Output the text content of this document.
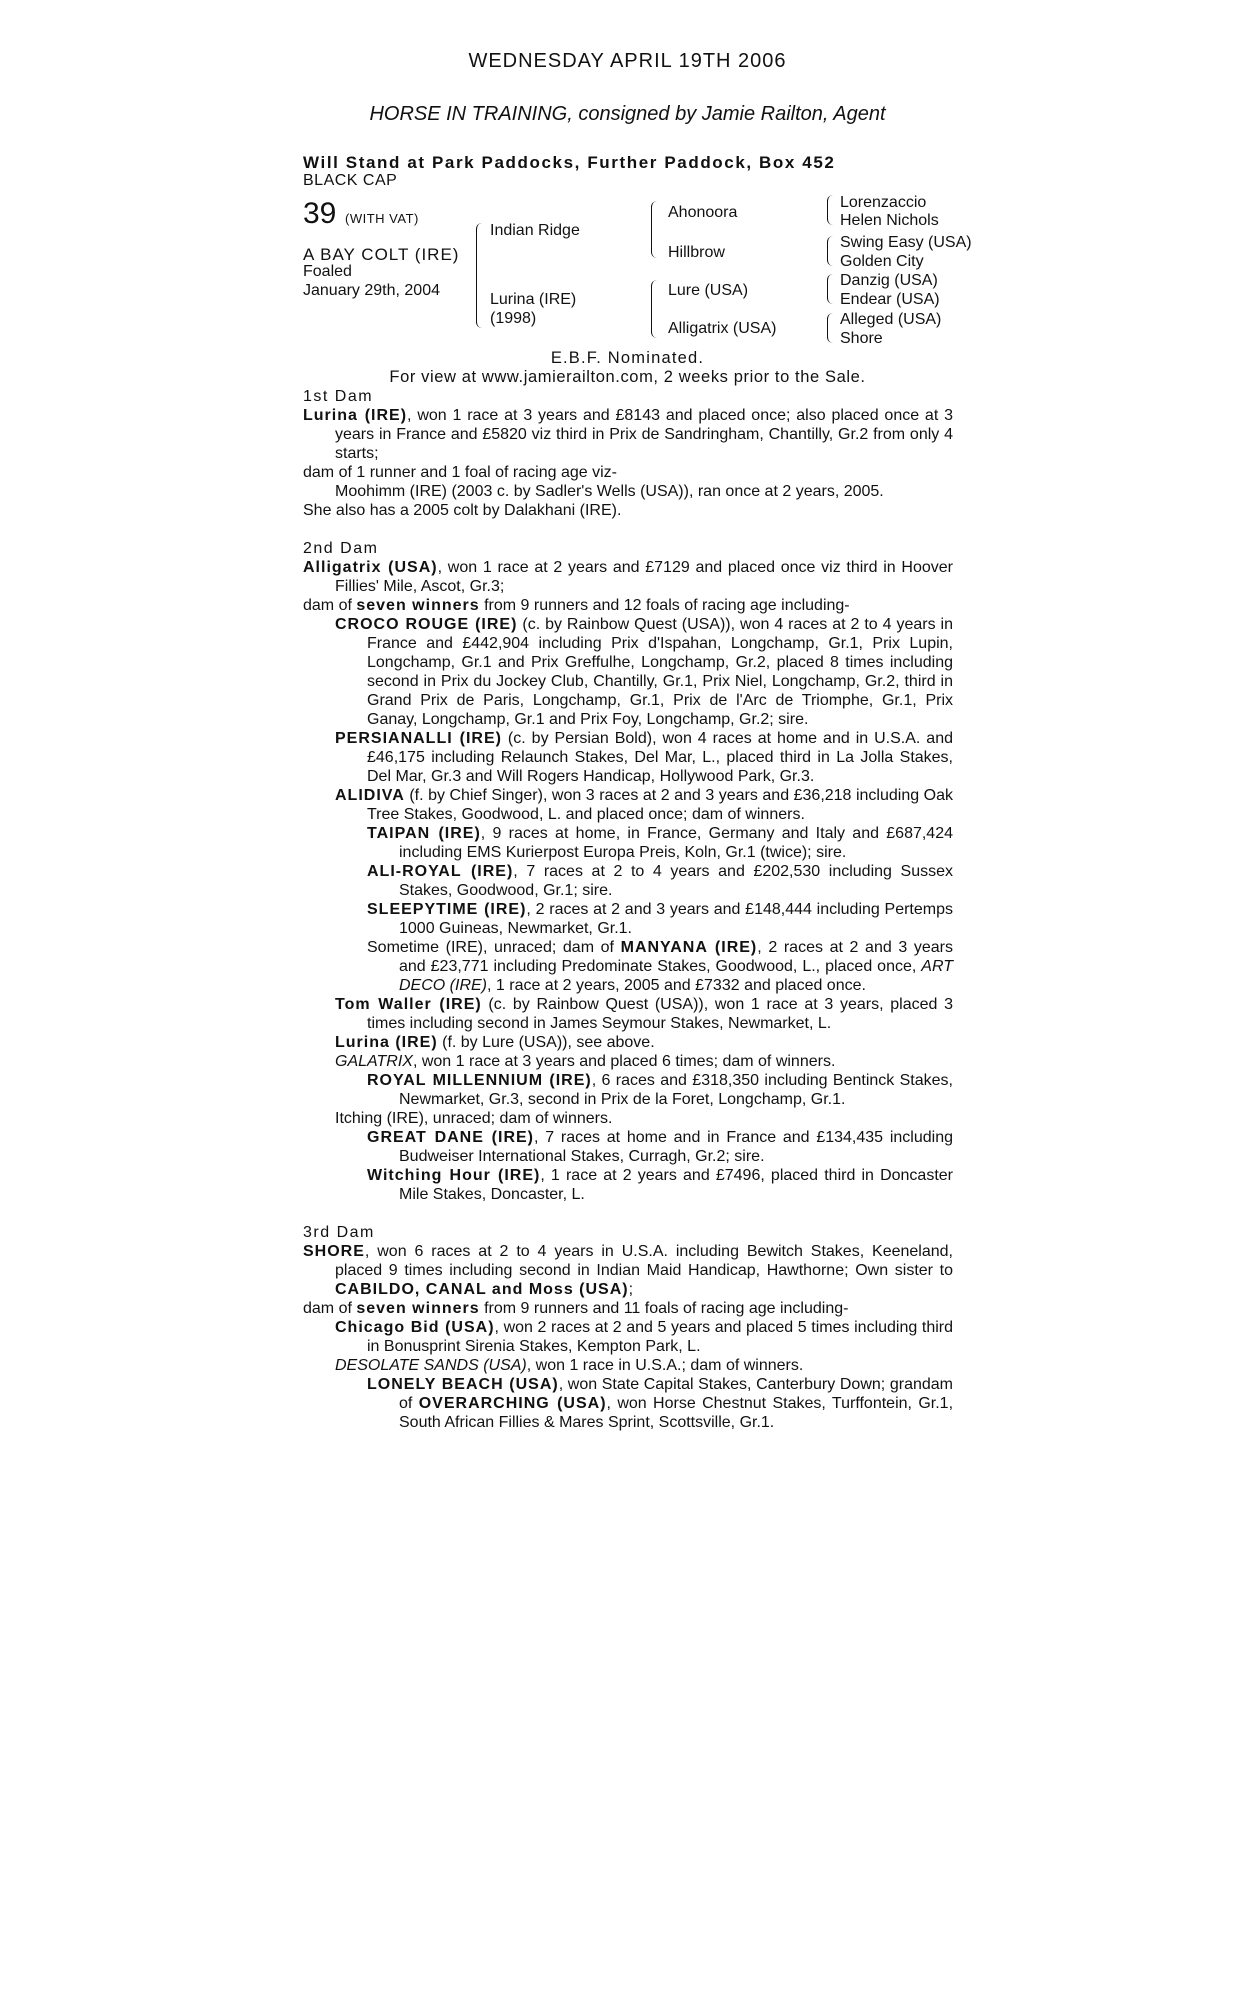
WEDNESDAY APRIL 19TH 2006
HORSE IN TRAINING, consigned by Jamie Railton, Agent
Will Stand at Park Paddocks, Further Paddock, Box 452
BLACK CAP
39 (WITH VAT)
A BAY COLT (IRE)
Foaled
January 29th, 2004
Indian Ridge
Lurina (IRE)
(1998)
Ahonoora
Hillbrow
Lure (USA)
Alligatrix (USA)
Lorenzaccio
Helen Nichols
Swing Easy (USA)
Golden City
Danzig (USA)
Endear (USA)
Alleged (USA)
Shore
E.B.F. Nominated.
For view at www.jamierailton.com, 2 weeks prior to the Sale.

1st Dam

Lurina (IRE), won 1 race at 3 years and £8143 and placed once; also placed once at 3 years in France and £5820 viz third in Prix de Sandringham, Chantilly, Gr.2 from only 4 starts;

dam of 1 runner and 1 foal of racing age viz-

Moohimm (IRE) (2003 c. by Sadler's Wells (USA)), ran once at 2 years, 2005.

She also has a 2005 colt by Dalakhani (IRE).

2nd Dam

Alligatrix (USA), won 1 race at 2 years and £7129 and placed once viz third in Hoover Fillies' Mile, Ascot, Gr.3;

dam of seven winners from 9 runners and 12 foals of racing age including-

CROCO ROUGE (IRE) (c. by Rainbow Quest (USA)), won 4 races at 2 to 4 years in France and £442,904 including Prix d'Ispahan, Longchamp, Gr.1, Prix Lupin, Longchamp, Gr.1 and Prix Greffulhe, Longchamp, Gr.2, placed 8 times including second in Prix du Jockey Club, Chantilly, Gr.1, Prix Niel, Longchamp, Gr.2, third in Grand Prix de Paris, Longchamp, Gr.1, Prix de l'Arc de Triomphe, Gr.1, Prix Ganay, Longchamp, Gr.1 and Prix Foy, Longchamp, Gr.2; sire.

PERSIANALLI (IRE) (c. by Persian Bold), won 4 races at home and in U.S.A. and £46,175 including Relaunch Stakes, Del Mar, L., placed third in La Jolla Stakes, Del Mar, Gr.3 and Will Rogers Handicap, Hollywood Park, Gr.3.

ALIDIVA (f. by Chief Singer), won 3 races at 2 and 3 years and £36,218 including Oak Tree Stakes, Goodwood, L. and placed once; dam of winners.

TAIPAN (IRE), 9 races at home, in France, Germany and Italy and £687,424 including EMS Kurierpost Europa Preis, Koln, Gr.1 (twice); sire.

ALI-ROYAL (IRE), 7 races at 2 to 4 years and £202,530 including Sussex Stakes, Goodwood, Gr.1; sire.

SLEEPYTIME (IRE), 2 races at 2 and 3 years and £148,444 including Pertemps 1000 Guineas, Newmarket, Gr.1.

Sometime (IRE), unraced; dam of MANYANA (IRE), 2 races at 2 and 3 years and £23,771 including Predominate Stakes, Goodwood, L., placed once, ART DECO (IRE), 1 race at 2 years, 2005 and £7332 and placed once.

Tom Waller (IRE) (c. by Rainbow Quest (USA)), won 1 race at 3 years, placed 3 times including second in James Seymour Stakes, Newmarket, L.

Lurina (IRE) (f. by Lure (USA)), see above.

GALATRIX, won 1 race at 3 years and placed 6 times; dam of winners.

ROYAL MILLENNIUM (IRE), 6 races and £318,350 including Bentinck Stakes, Newmarket, Gr.3, second in Prix de la Foret, Longchamp, Gr.1.

Itching (IRE), unraced; dam of winners.

GREAT DANE (IRE), 7 races at home and in France and £134,435 including Budweiser International Stakes, Curragh, Gr.2; sire.

Witching Hour (IRE), 1 race at 2 years and £7496, placed third in Doncaster Mile Stakes, Doncaster, L.

3rd Dam

SHORE, won 6 races at 2 to 4 years in U.S.A. including Bewitch Stakes, Keeneland, placed 9 times including second in Indian Maid Handicap, Hawthorne; Own sister to CABILDO, CANAL and Moss (USA);

dam of seven winners from 9 runners and 11 foals of racing age including-

Chicago Bid (USA), won 2 races at 2 and 5 years and placed 5 times including third in Bonusprint Sirenia Stakes, Kempton Park, L.

DESOLATE SANDS (USA), won 1 race in U.S.A.; dam of winners.

LONELY BEACH (USA), won State Capital Stakes, Canterbury Down; grandam of OVERARCHING (USA), won Horse Chestnut Stakes, Turffontein, Gr.1, South African Fillies & Mares Sprint, Scottsville, Gr.1.
